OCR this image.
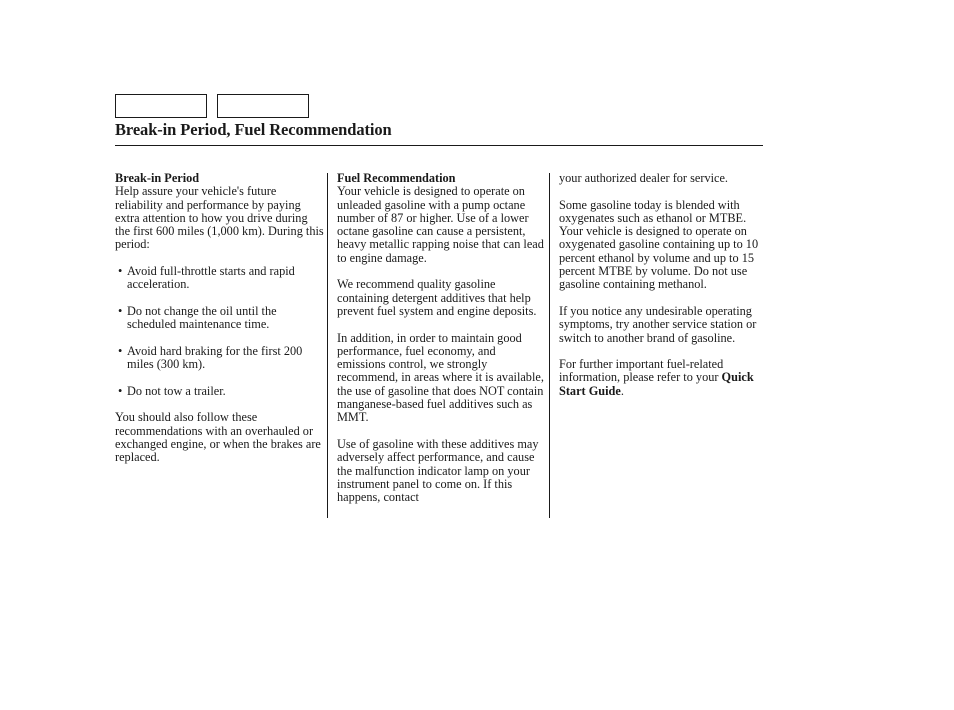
Break-in Period, Fuel Recommendation

Break-in Period

Help assure your vehicle's future reliability and performance by paying extra attention to how you drive during the first 600 miles (1,000 km). During this period:

• Avoid full-throttle starts and rapid acceleration.

• Do not change the oil until the scheduled maintenance time.

• Avoid hard braking for the first 200 miles (300 km).

• Do not tow a trailer.

You should also follow these recommendations with an overhauled or exchanged engine, or when the brakes are replaced.

Fuel Recommendation

Your vehicle is designed to operate on unleaded gasoline with a pump octane number of 87 or higher. Use of a lower octane gasoline can cause a persistent, heavy metallic rapping noise that can lead to engine damage.

We recommend quality gasoline containing detergent additives that help prevent fuel system and engine deposits.

In addition, in order to maintain good performance, fuel economy, and emissions control, we strongly recommend, in areas where it is available, the use of gasoline that does NOT contain manganese-based fuel additives such as MMT.

Use of gasoline with these additives may adversely affect performance, and cause the malfunction indicator lamp on your instrument panel to come on. If this happens, contact

your authorized dealer for service.

Some gasoline today is blended with oxygenates such as ethanol or MTBE. Your vehicle is designed to operate on oxygenated gasoline containing up to 10 percent ethanol by volume and up to 15 percent MTBE by volume. Do not use gasoline containing methanol.

If you notice any undesirable operating symptoms, try another service station or switch to another brand of gasoline.

For further important fuel-related information, please refer to your Quick Start Guide.
